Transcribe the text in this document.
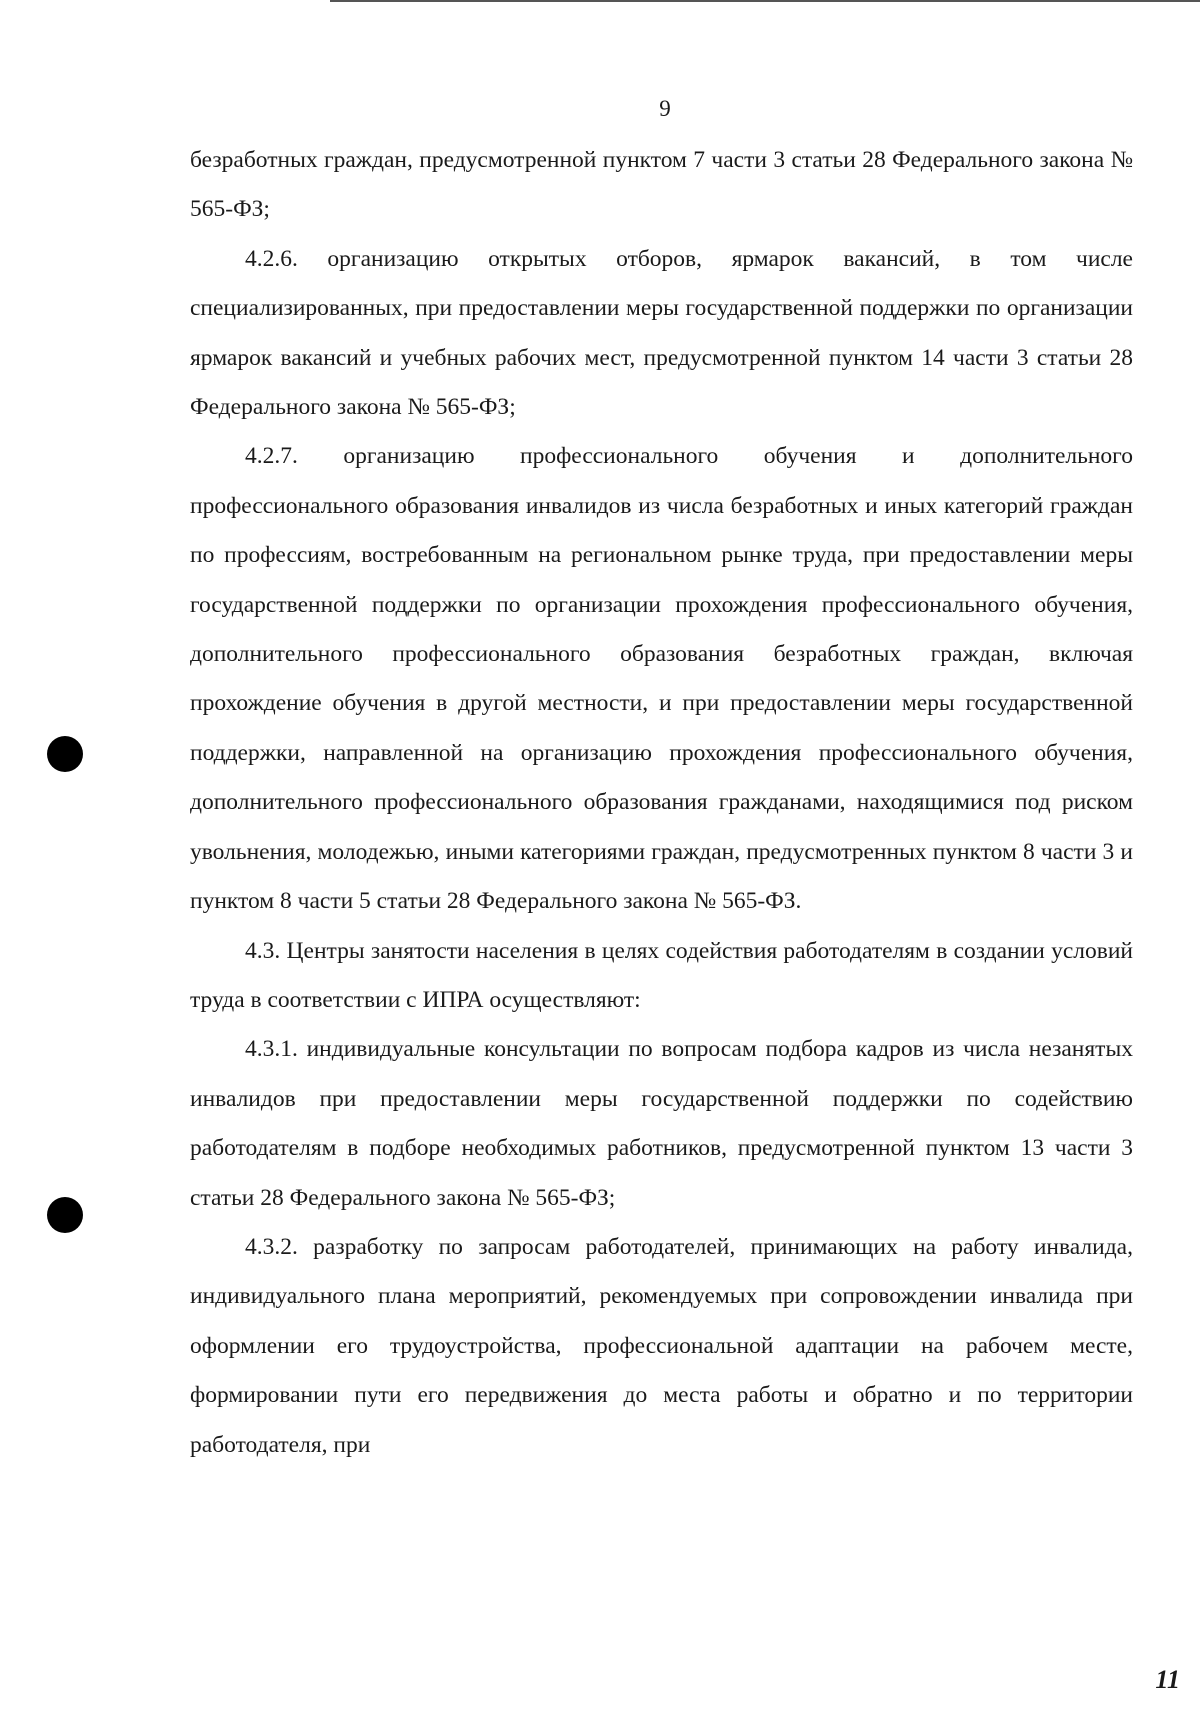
9

безработных граждан, предусмотренной пунктом 7 части 3 статьи 28 Федерального закона № 565-ФЗ;

4.2.6. организацию открытых отборов, ярмарок вакансий, в том числе специализированных, при предоставлении меры государственной поддержки по организации ярмарок вакансий и учебных рабочих мест, предусмотренной пунктом 14 части 3 статьи 28 Федерального закона № 565-ФЗ;

4.2.7. организацию профессионального обучения и дополнительного профессионального образования инвалидов из числа безработных и иных категорий граждан по профессиям, востребованным на региональном рынке труда, при предоставлении меры государственной поддержки по организации прохождения профессионального обучения, дополнительного профессионального образования безработных граждан, включая прохождение обучения в другой местности, и при предоставлении меры государственной поддержки, направленной на организацию прохождения профессионального обучения, дополнительного профессионального образования гражданами, находящимися под риском увольнения, молодежью, иными категориями граждан, предусмотренных пунктом 8 части 3 и пунктом 8 части 5 статьи 28 Федерального закона № 565-ФЗ.

4.3. Центры занятости населения в целях содействия работодателям в создании условий труда в соответствии с ИПРА осуществляют:

4.3.1. индивидуальные консультации по вопросам подбора кадров из числа незанятых инвалидов при предоставлении меры государственной поддержки по содействию работодателям в подборе необходимых работников, предусмотренной пунктом 13 части 3 статьи 28 Федерального закона № 565-ФЗ;

4.3.2. разработку по запросам работодателей, принимающих на работу инвалида, индивидуального плана мероприятий, рекомендуемых при сопровождении инвалида при оформлении его трудоустройства, профессиональной адаптации на рабочем месте, формировании пути его передвижения до места работы и обратно и по территории работодателя, при

11
